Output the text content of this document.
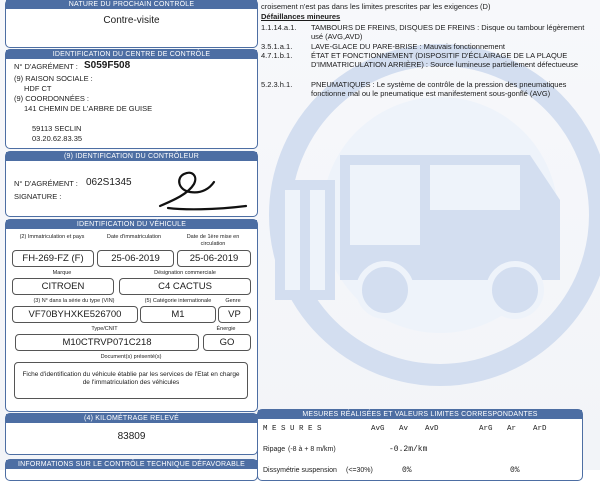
NATURE DU PROCHAIN CONTRÔLE
Contre-visite
IDENTIFICATION DU CENTRE DE CONTRÔLE
N° D'AGRÉMENT : S059F508
(9) RAISON SOCIALE :
HDF CT
(9) COORDONNÉES :
141 CHEMIN DE L'ARBRE DE GUISE
59113 SECLIN
03.20.62.83.35
(9) IDENTIFICATION DU CONTRÔLEUR
N° D'AGRÉMENT : 062S1345
SIGNATURE :
IDENTIFICATION DU VÉHICULE
(2) Immatriculation et pays	Date d'immatriculation	Date de 1ère mise en circulation
FH-269-FZ (F)	25-06-2019	25-06-2019
Marque	Désignation commerciale
CITROEN	C4 CACTUS
(3) N° dans la série du type (VIN)	(5) Catégorie internationale	Genre
VF70BYHXKE526700	M1	VP
Type/CNIT	Énergie
M10CTRVP071C218	GO
Document(s) présenté(s)
Fiche d'identification du véhicule établie par les services de l'Etat en charge de l'immatriculation des véhicules
(4) KILOMÉTRAGE RELEVÉ
83809
INFORMATIONS SUR LE CONTRÔLE TECHNIQUE DÉFAVORABLE
croisement n'est pas dans les limites prescrites par les exigences (D)
Défaillances mineures
1.1.14.a.1.	TAMBOURS DE FREINS, DISQUES DE FREINS : Disque ou tambour légèrement usé (AVG,AVD)
3.5.1.a.1.	LAVE-GLACE DU PARE-BRISE : Mauvais fonctionnement
4.7.1.b.1.	ÉTAT ET FONCTIONNEMENT (DISPOSITIF D'ÉCLAIRAGE DE LA PLAQUE D'IMMATRICULATION ARRIÈRE) : Source lumineuse partiellement défectueuse
5.2.3.h.1.	PNEUMATIQUES : Le système de contrôle de la pression des pneumatiques fonctionne mal ou le pneumatique est manifestement sous-gonflé (AVG)
MESURES RÉALISÉES ET VALEURS LIMITES CORRESPONDANTES
M E S U R E S	AvG Av AvD	ArG Ar ArD
Ripage (-8 à + 8 m/km)	-0.2m/km
Dissymétrie suspension (<=30%)	0%	0%
